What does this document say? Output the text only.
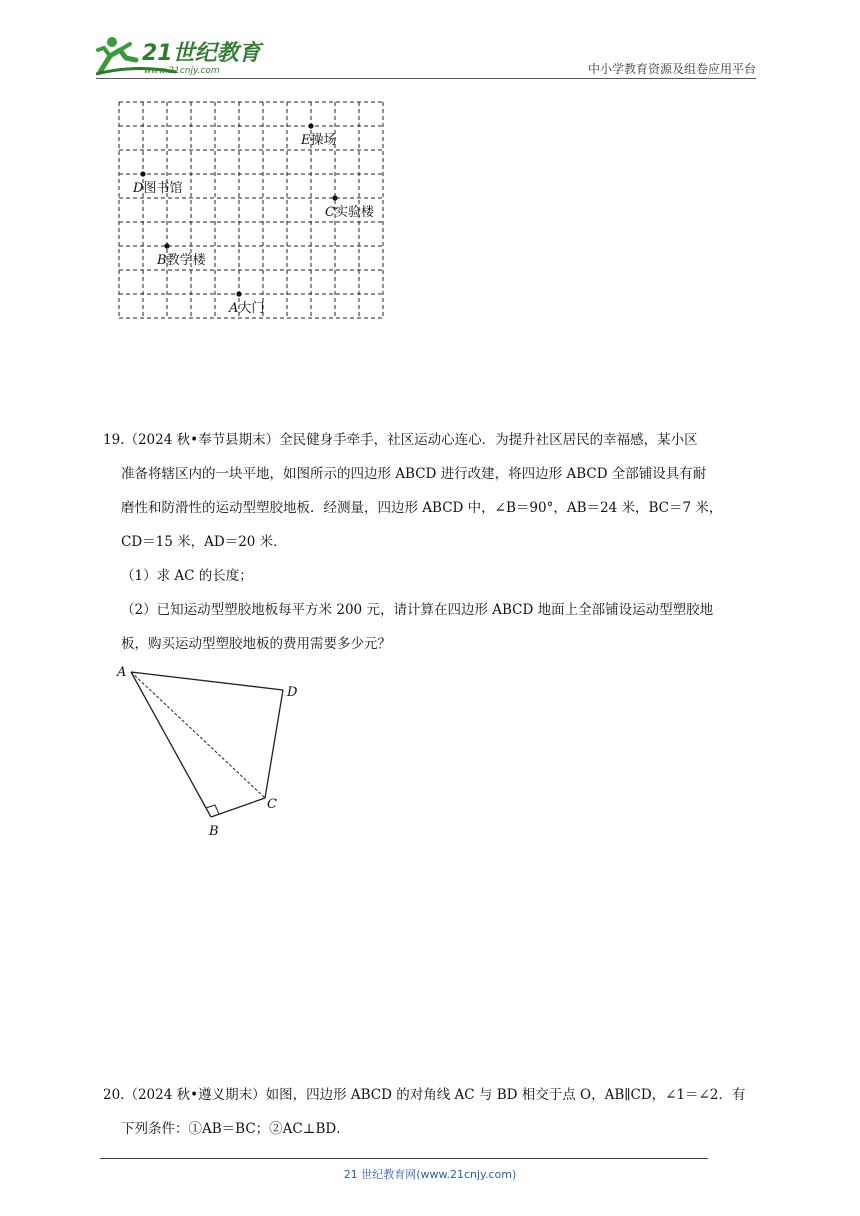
21世纪教育
www.21cnjy.com	中小学教育资源及组卷应用平台
E操场
D图书馆
C实验楼
B教学楼
A大门

19.（2024 秋•奉节县期末）全民健身手牵手，社区运动心连心．为提升社区居民的幸福感，某小区

准备将辖区内的一块平地，如图所示的四边形 ABCD 进行改建，将四边形 ABCD 全部铺设具有耐

磨性和防滑性的运动型塑胶地板．经测量，四边形 ABCD 中，∠B＝90°，AB＝24 米，BC＝7 米，

CD＝15 米，AD＝20 米．

（1）求 AC 的长度；

（2）已知运动型塑胶地板每平方米 200 元，请计算在四边形 ABCD 地面上全部铺设运动型塑胶地

板，购买运动型塑胶地板的费用需要多少元？

A
B
C
D

20.（2024 秋•遵义期末）如图，四边形 ABCD 的对角线 AC 与 BD 相交于点 O，AB∥CD，∠1＝∠2．有

下列条件：①AB＝BC；②AC⊥BD．

21 世纪教育网(www.21cnjy.com)
